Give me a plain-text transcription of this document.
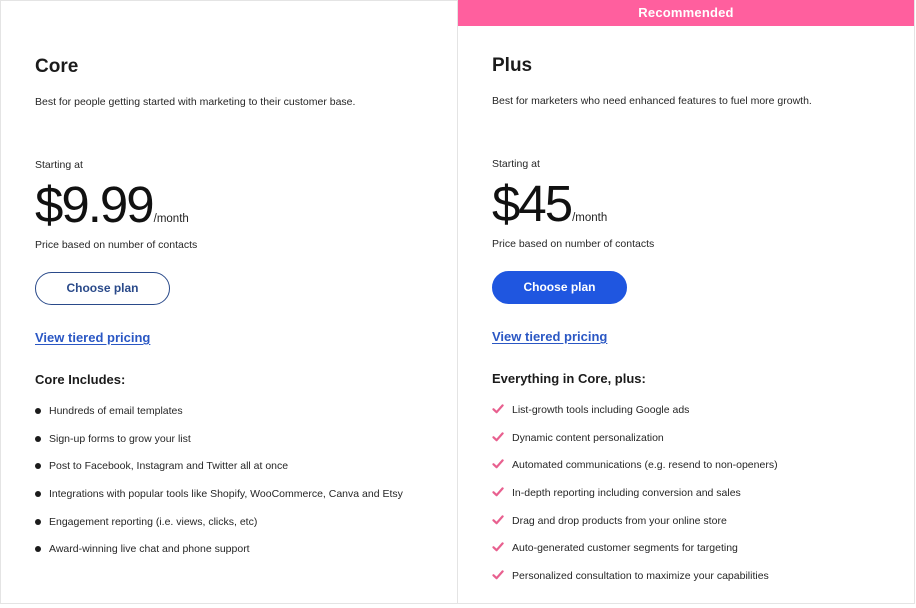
Core

Best for people getting started with marketing to their customer base.

Starting at

$9.99/month

Price based on number of contacts

Choose plan
View tiered pricing
Core Includes:
Hundreds of email templates
Sign-up forms to grow your list
Post to Facebook, Instagram and Twitter all at once
Integrations with popular tools like Shopify, WooCommerce, Canva and Etsy
Engagement reporting (i.e. views, clicks, etc)
Award-winning live chat and phone support
Recommended
Plus

Best for marketers who need enhanced features to fuel more growth.

Starting at

$45/month

Price based on number of contacts

Choose plan
View tiered pricing
Everything in Core, plus:
List-growth tools including Google ads
Dynamic content personalization
Automated communications (e.g. resend to non-openers)
In-depth reporting including conversion and sales
Drag and drop products from your online store
Auto-generated customer segments for targeting
Personalized consultation to maximize your capabilities
